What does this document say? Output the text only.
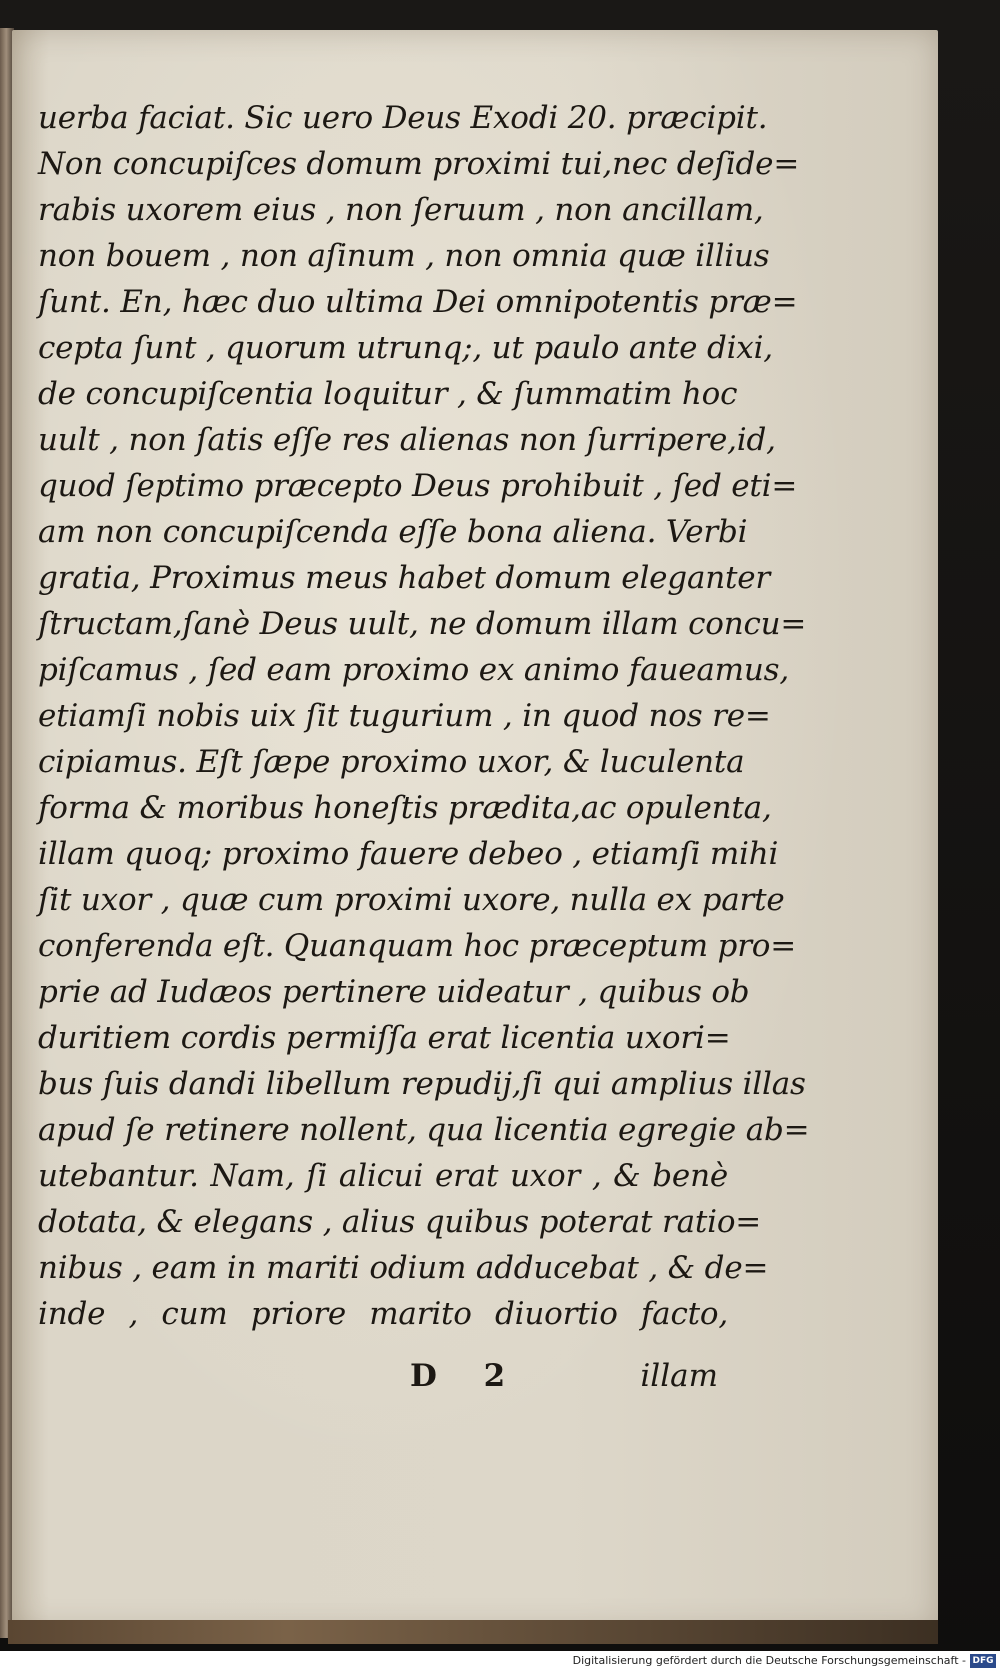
uerba faciat. Sic uero Deus Exodi 20. præcipit.
Non concupiſces domum proximi tui,nec deſide=
rabis uxorem eius , non ſeruum , non ancillam,
non bouem , non aſinum , non omnia quæ illius
ſunt. En, hæc duo ultima Dei omnipotentis præ=
cepta ſunt , quorum utrunq;, ut paulo ante dixi,
de concupiſcentia loquitur , & ſummatim hoc
uult , non ſatis eſſe res alienas non ſurripere,id,
quod ſeptimo præcepto Deus prohibuit , ſed eti=
am non concupiſcenda eſſe bona aliena. Verbi
gratia, Proximus meus habet domum eleganter
ſtructam,ſanè Deus uult, ne domum illam concu=
piſcamus , ſed eam proximo ex animo faueamus,
etiamſi nobis uix ſit tugurium , in quod nos re=
cipiamus. Eſt ſæpe proximo uxor, & luculenta
forma & moribus honeſtis prædita,ac opulenta,
illam quoq; proximo fauere debeo , etiamſi mihi
ſit uxor , quæ cum proximi uxore, nulla ex parte
conferenda eſt. Quanquam hoc præceptum pro=
prie ad Iudæos pertinere uideatur , quibus ob
duritiem cordis permiſſa erat licentia uxori=
bus ſuis dandi libellum repudij,ſi qui amplius illas
apud ſe retinere nollent, qua licentia egregie ab=
utebantur. Nam, ſi alicui erat uxor , & benè
dotata, & elegans , alius quibus poterat ratio=
nibus , eam in mariti odium adducebat , & de=
inde , cum priore marito diuortio facto,
D 2	illam
Digitalisierung gefördert durch die Deutsche Forschungsgemeinschaft - DFG
